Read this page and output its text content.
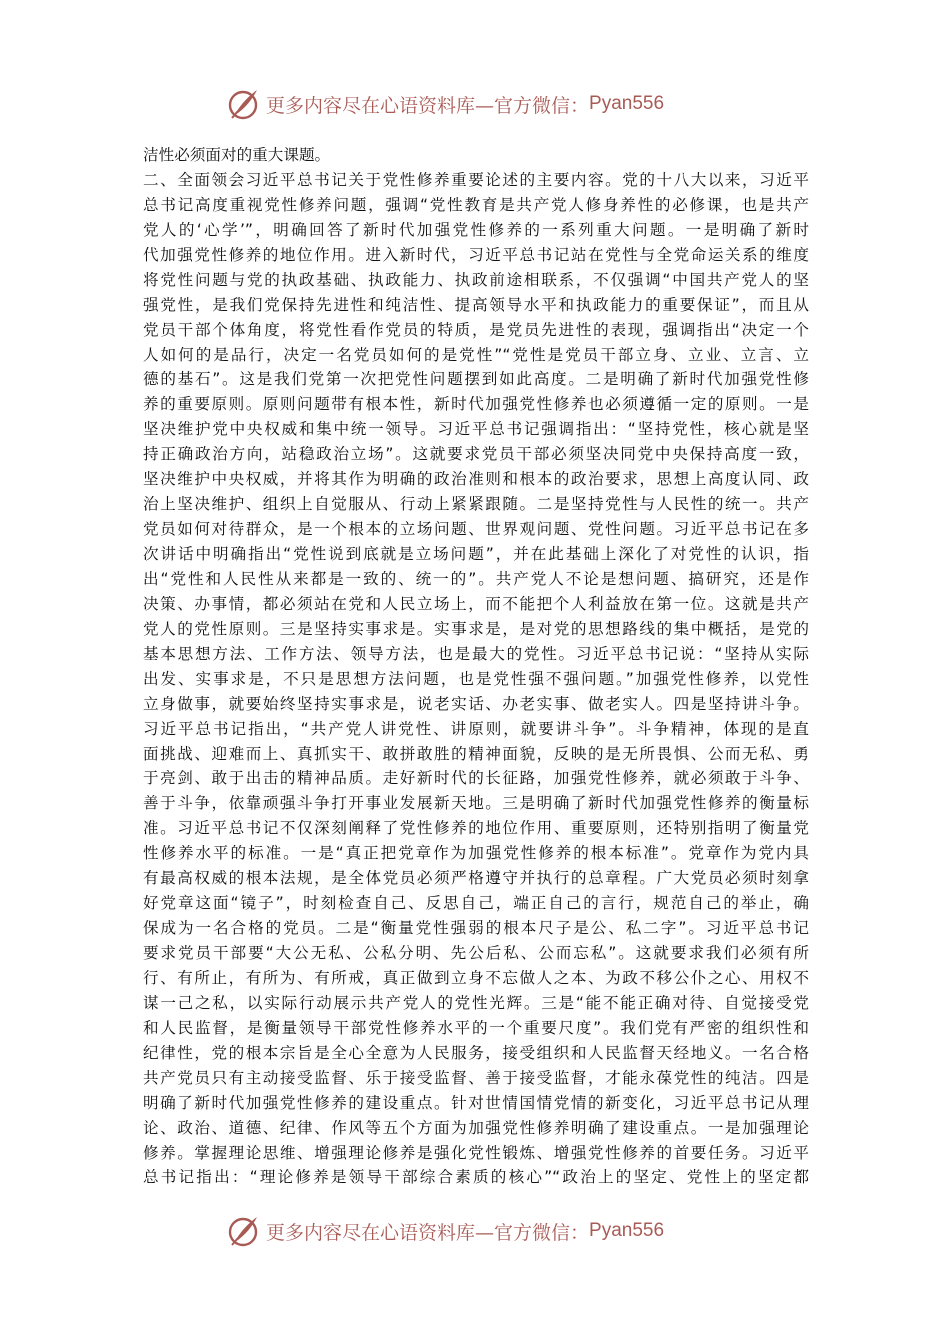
更多内容尽在心语资料库—官方微信： Pyan556
洁性必须面对的重大课题。
二、全面领会习近平总书记关于党性修养重要论述的主要内容。党的十八大以来，习近平
总书记高度重视党性修养问题，强调“党性教育是共产党人修身养性的必修课，也是共产
党人的‘心学’”，明确回答了新时代加强党性修养的一系列重大问题。一是明确了新时
代加强党性修养的地位作用。进入新时代，习近平总书记站在党性与全党命运关系的维度
将党性问题与党的执政基础、执政能力、执政前途相联系，不仅强调“中国共产党人的坚
强党性，是我们党保持先进性和纯洁性、提高领导水平和执政能力的重要保证”，而且从
党员干部个体角度，将党性看作党员的特质，是党员先进性的表现，强调指出“决定一个
人如何的是品行，决定一名党员如何的是党性”“党性是党员干部立身、立业、立言、立
德的基石”。这是我们党第一次把党性问题摆到如此高度。二是明确了新时代加强党性修
养的重要原则。原则问题带有根本性，新时代加强党性修养也必须遵循一定的原则。一是
坚决维护党中央权威和集中统一领导。习近平总书记强调指出：“坚持党性，核心就是坚
持正确政治方向，站稳政治立场”。这就要求党员干部必须坚决同党中央保持高度一致，
坚决维护中央权威，并将其作为明确的政治准则和根本的政治要求，思想上高度认同、政
治上坚决维护、组织上自觉服从、行动上紧紧跟随。二是坚持党性与人民性的统一。共产
党员如何对待群众，是一个根本的立场问题、世界观问题、党性问题。习近平总书记在多
次讲话中明确指出“党性说到底就是立场问题”，并在此基础上深化了对党性的认识，指
出“党性和人民性从来都是一致的、统一的”。共产党人不论是想问题、搞研究，还是作
决策、办事情，都必须站在党和人民立场上，而不能把个人利益放在第一位。这就是共产
党人的党性原则。三是坚持实事求是。实事求是，是对党的思想路线的集中概括，是党的
基本思想方法、工作方法、领导方法，也是最大的党性。习近平总书记说：“坚持从实际
出发、实事求是，不只是思想方法问题，也是党性强不强问题。”加强党性修养，以党性
立身做事，就要始终坚持实事求是，说老实话、办老实事、做老实人。四是坚持讲斗争。
习近平总书记指出，“共产党人讲党性、讲原则，就要讲斗争”。斗争精神，体现的是直
面挑战、迎难而上、真抓实干、敢拼敢胜的精神面貌，反映的是无所畏惧、公而无私、勇
于亮剑、敢于出击的精神品质。走好新时代的长征路，加强党性修养，就必须敢于斗争、
善于斗争，依靠顽强斗争打开事业发展新天地。三是明确了新时代加强党性修养的衡量标
准。习近平总书记不仅深刻阐释了党性修养的地位作用、重要原则，还特别指明了衡量党
性修养水平的标准。一是“真正把党章作为加强党性修养的根本标准”。党章作为党内具
有最高权威的根本法规，是全体党员必须严格遵守并执行的总章程。广大党员必须时刻拿
好党章这面“镜子”，时刻检查自己、反思自己，端正自己的言行，规范自己的举止，确
保成为一名合格的党员。二是“衡量党性强弱的根本尺子是公、私二字”。习近平总书记
要求党员干部要“大公无私、公私分明、先公后私、公而忘私”。这就要求我们必须有所
行、有所止，有所为、有所戒，真正做到立身不忘做人之本、为政不移公仆之心、用权不
谋一己之私，以实际行动展示共产党人的党性光辉。三是“能不能正确对待、自觉接受党
和人民监督，是衡量领导干部党性修养水平的一个重要尺度”。我们党有严密的组织性和
纪律性，党的根本宗旨是全心全意为人民服务，接受组织和人民监督天经地义。一名合格
共产党员只有主动接受监督、乐于接受监督、善于接受监督，才能永葆党性的纯洁。四是
明确了新时代加强党性修养的建设重点。针对世情国情党情的新变化，习近平总书记从理
论、政治、道德、纪律、作风等五个方面为加强党性修养明确了建设重点。一是加强理论
修养。掌握理论思维、增强理论修养是强化党性锻炼、增强党性修养的首要任务。习近平
总书记指出：“理论修养是领导干部综合素质的核心”“政治上的坚定、党性上的坚定都
更多内容尽在心语资料库—官方微信： Pyan556
